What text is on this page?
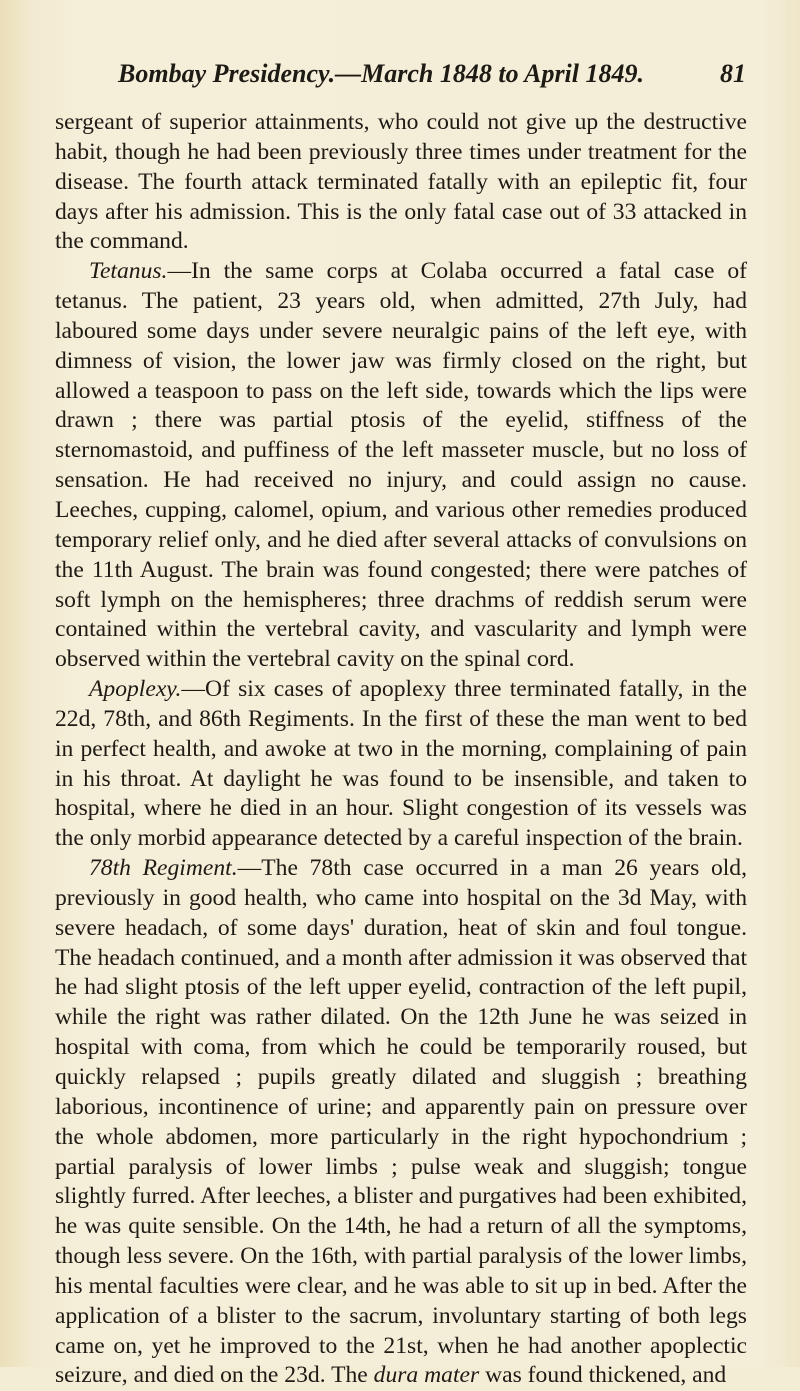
Bombay Presidency.—March 1848 to April 1849.	81

sergeant of superior attainments, who could not give up the destructive habit, though he had been previously three times under treatment for the disease. The fourth attack terminated fatally with an epileptic fit, four days after his admission. This is the only fatal case out of 33 attacked in the command.

Tetanus.—In the same corps at Colaba occurred a fatal case of tetanus. The patient, 23 years old, when admitted, 27th July, had laboured some days under severe neuralgic pains of the left eye, with dimness of vision, the lower jaw was firmly closed on the right, but allowed a teaspoon to pass on the left side, towards which the lips were drawn ; there was partial ptosis of the eyelid, stiffness of the sternomastoid, and puffiness of the left masseter muscle, but no loss of sensation. He had received no injury, and could assign no cause. Leeches, cupping, calomel, opium, and various other remedies produced temporary relief only, and he died after several attacks of convulsions on the 11th August. The brain was found congested; there were patches of soft lymph on the hemispheres; three drachms of reddish serum were contained within the vertebral cavity, and vascularity and lymph were observed within the vertebral cavity on the spinal cord.

Apoplexy.—Of six cases of apoplexy three terminated fatally, in the 22d, 78th, and 86th Regiments. In the first of these the man went to bed in perfect health, and awoke at two in the morning, complaining of pain in his throat. At daylight he was found to be insensible, and taken to hospital, where he died in an hour. Slight congestion of its vessels was the only morbid appearance detected by a careful inspection of the brain.

78th Regiment.—The 78th case occurred in a man 26 years old, previously in good health, who came into hospital on the 3d May, with severe headach, of some days' duration, heat of skin and foul tongue. The headach continued, and a month after admission it was observed that he had slight ptosis of the left upper eyelid, contraction of the left pupil, while the right was rather dilated. On the 12th June he was seized in hospital with coma, from which he could be temporarily roused, but quickly relapsed ; pupils greatly dilated and sluggish ; breathing laborious, incontinence of urine; and apparently pain on pressure over the whole abdomen, more particularly in the right hypochondrium ; partial paralysis of lower limbs ; pulse weak and sluggish; tongue slightly furred. After leeches, a blister and purgatives had been exhibited, he was quite sensible. On the 14th, he had a return of all the symptoms, though less severe. On the 16th, with partial paralysis of the lower limbs, his mental faculties were clear, and he was able to sit up in bed. After the application of a blister to the sacrum, involuntary starting of both legs came on, yet he improved to the 21st, when he had another apoplectic seizure, and died on the 23d. The dura mater was found thickened, and
